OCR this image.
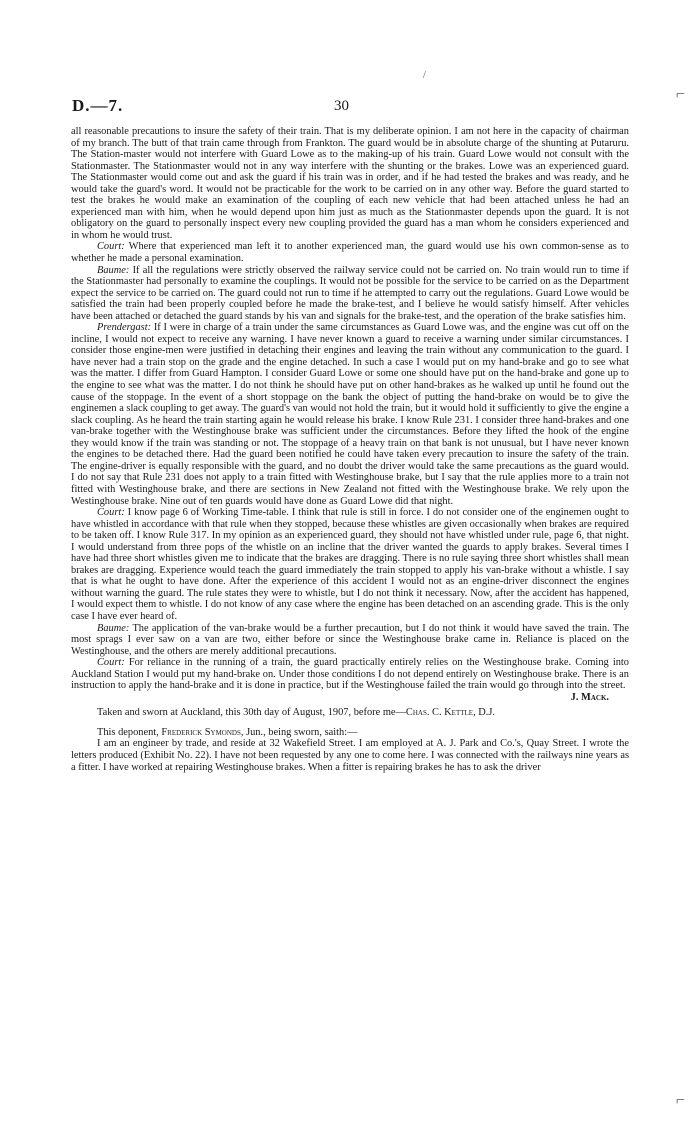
D.—7.	30
/
⌐
⌐

all reasonable precautions to insure the safety of their train. That is my deliberate opinion. I am not here in the capacity of chairman of my branch. The butt of that train came through from Frankton. The guard would be in absolute charge of the shunting at Putaruru. The Station-master would not interfere with Guard Lowe as to the making-up of his train. Guard Lowe would not consult with the Stationmaster. The Stationmaster would not in any way interfere with the shunting or the brakes. Lowe was an experienced guard. The Stationmaster would come out and ask the guard if his train was in order, and if he had tested the brakes and was ready, and he would take the guard's word. It would not be practicable for the work to be carried on in any other way. Before the guard started to test the brakes he would make an examination of the coupling of each new vehicle that had been attached unless he had an experienced man with him, when he would depend upon him just as much as the Stationmaster depends upon the guard. It is not obligatory on the guard to personally inspect every new coupling provided the guard has a man whom he considers experienced and in whom he would trust.

Court: Where that experienced man left it to another experienced man, the guard would use his own common-sense as to whether he made a personal examination.

Baume: If all the regulations were strictly observed the railway service could not be carried on. No train would run to time if the Stationmaster had personally to examine the couplings. It would not be possible for the service to be carried on as the Department expect the service to be carried on. The guard could not run to time if he attempted to carry out the regulations. Guard Lowe would be satisfied the train had been properly coupled before he made the brake-test, and I believe he would satisfy himself. After vehicles have been attached or detached the guard stands by his van and signals for the brake-test, and the operation of the brake satisfies him.

Prendergast: If I were in charge of a train under the same circumstances as Guard Lowe was, and the engine was cut off on the incline, I would not expect to receive any warning. I have never known a guard to receive a warning under similar circumstances. I consider those engine-men were justified in detaching their engines and leaving the train without any communication to the guard. I have never had a train stop on the grade and the engine detached. In such a case I would put on my hand-brake and go to see what was the matter. I differ from Guard Hampton. I consider Guard Lowe or some one should have put on the hand-brake and gone up to the engine to see what was the matter. I do not think he should have put on other hand-brakes as he walked up until he found out the cause of the stoppage. In the event of a short stoppage on the bank the object of putting the hand-brake on would be to give the enginemen a slack coupling to get away. The guard's van would not hold the train, but it would hold it sufficiently to give the engine a slack coupling. As he heard the train starting again he would release his brake. I know Rule 231. I consider three hand-brakes and one van-brake together with the Westinghouse brake was sufficient under the circumstances. Before they lifted the hook of the engine they would know if the train was standing or not. The stoppage of a heavy train on that bank is not unusual, but I have never known the engines to be detached there. Had the guard been notified he could have taken every precaution to insure the safety of the train. The engine-driver is equally responsible with the guard, and no doubt the driver would take the same precautions as the guard would. I do not say that Rule 231 does not apply to a train fitted with Westinghouse brake, but I say that the rule applies more to a train not fitted with Westinghouse brake, and there are sections in New Zealand not fitted with the Westinghouse brake. We rely upon the Westinghouse brake. Nine out of ten guards would have done as Guard Lowe did that night.

Court: I know page 6 of Working Time-table. I think that rule is still in force. I do not consider one of the enginemen ought to have whistled in accordance with that rule when they stopped, because these whistles are given occasionally when brakes are required to be taken off. I know Rule 317. In my opinion as an experienced guard, they should not have whistled under rule, page 6, that night. I would understand from three pops of the whistle on an incline that the driver wanted the guards to apply brakes. Several times I have had three short whistles given me to indicate that the brakes are dragging. There is no rule saying three short whistles shall mean brakes are dragging. Experience would teach the guard immediately the train stopped to apply his van-brake without a whistle. I say that is what he ought to have done. After the experience of this accident I would not as an engine-driver disconnect the engines without warning the guard. The rule states they were to whistle, but I do not think it necessary. Now, after the accident has happened, I would expect them to whistle. I do not know of any case where the engine has been detached on an ascending grade. This is the only case I have ever heard of.

Baume: The application of the van-brake would be a further precaution, but I do not think it would have saved the train. The most sprags I ever saw on a van are two, either before or since the Westinghouse brake came in. Reliance is placed on the Westinghouse, and the others are merely additional precautions.

Court: For reliance in the running of a train, the guard practically entirely relies on the Westinghouse brake. Coming into Auckland Station I would put my hand-brake on. Under those conditions I do not depend entirely on Westinghouse brake. There is an instruction to apply the hand-brake and it is done in practice, but if the Westinghouse failed the train would go through into the street.

J. Mack.

Taken and sworn at Auckland, this 30th day of August, 1907, before me—Chas. C. Kettle, D.J.

This deponent, Frederick Symonds, Jun., being sworn, saith:—

I am an engineer by trade, and reside at 32 Wakefield Street. I am employed at A. J. Park and Co.'s, Quay Street. I wrote the letters produced (Exhibit No. 22). I have not been requested by any one to come here. I was connected with the railways nine years as a fitter. I have worked at repairing Westinghouse brakes. When a fitter is repairing brakes he has to ask the driver
